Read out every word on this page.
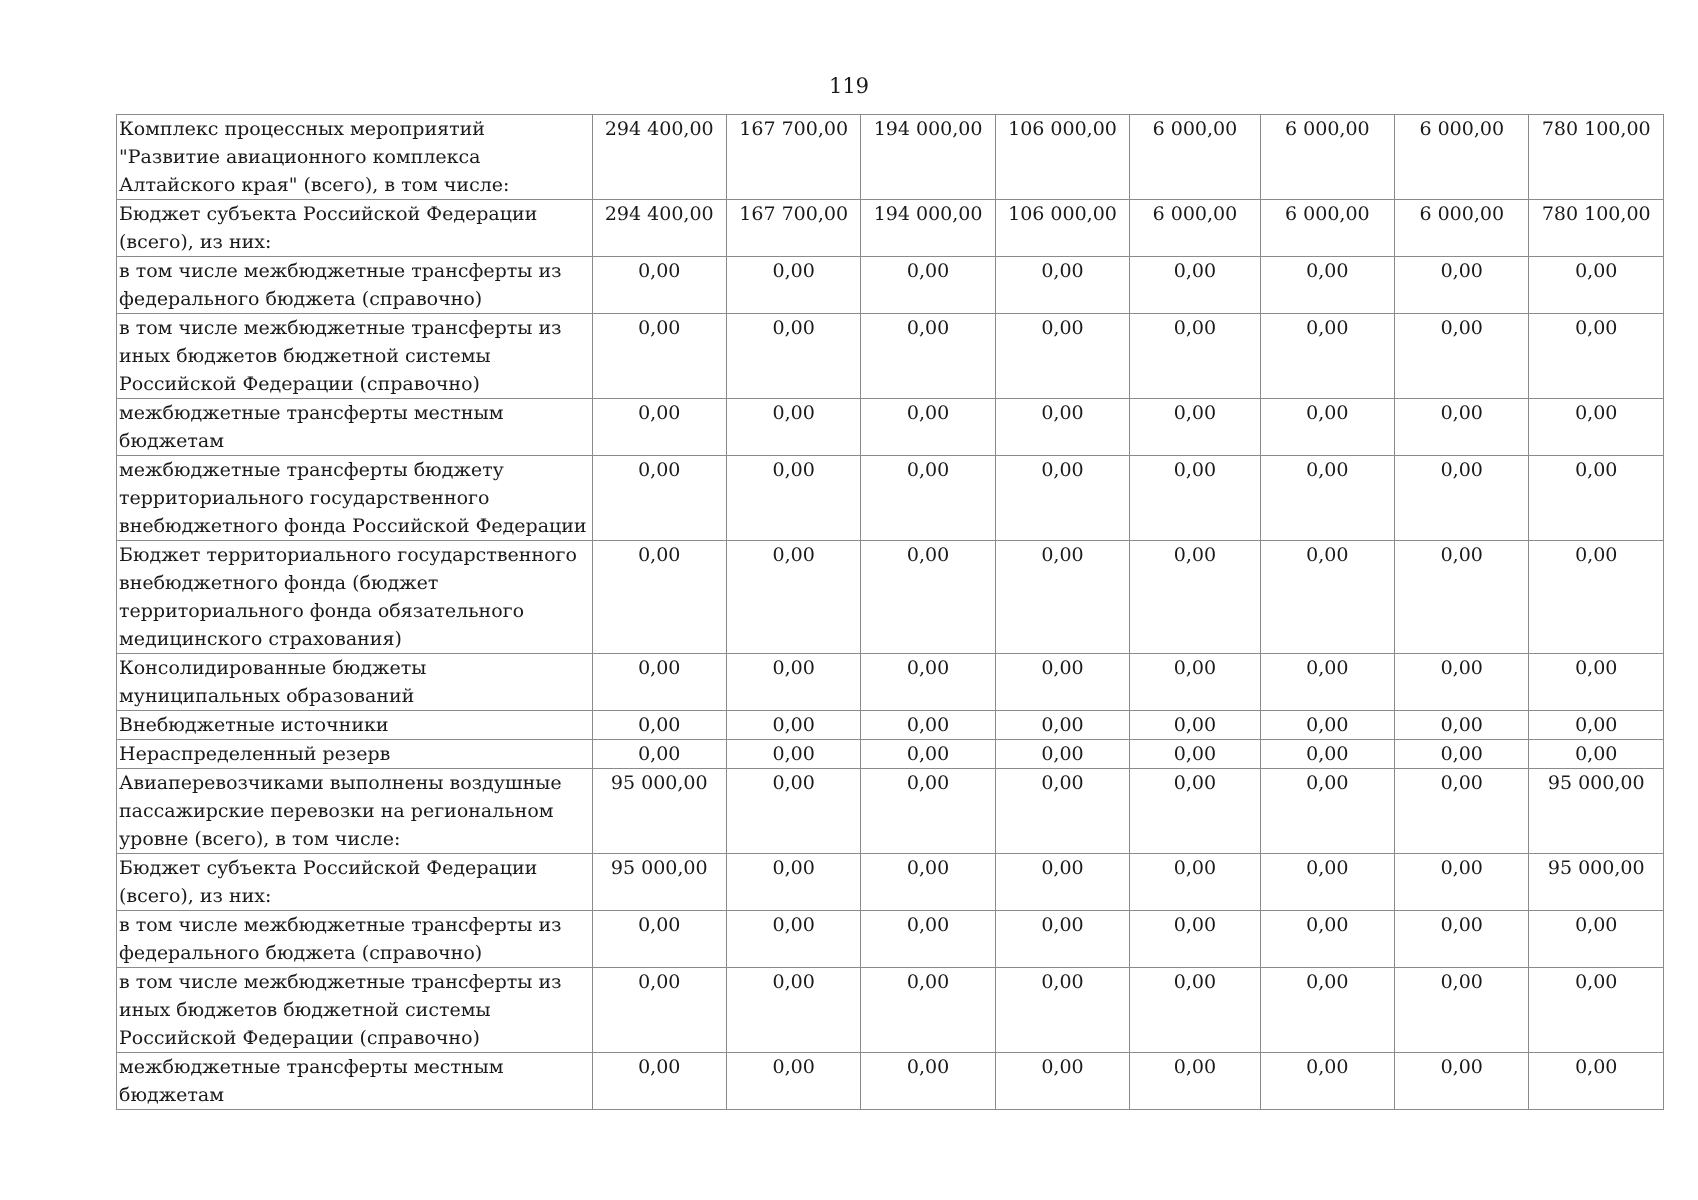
119
Комплекс процессных мероприятий "Развитие авиационного комплекса Алтайского края" (всего), в том числе:	294 400,00	167 700,00	194 000,00	106 000,00	6 000,00	6 000,00	6 000,00	780 100,00
Бюджет субъекта Российской Федерации (всего), из них:	294 400,00	167 700,00	194 000,00	106 000,00	6 000,00	6 000,00	6 000,00	780 100,00
в том числе межбюджетные трансферты из федерального бюджета (справочно)	0,00	0,00	0,00	0,00	0,00	0,00	0,00	0,00
в том числе межбюджетные трансферты из иных бюджетов бюджетной системы Российской Федерации (справочно)	0,00	0,00	0,00	0,00	0,00	0,00	0,00	0,00
межбюджетные трансферты местным бюджетам	0,00	0,00	0,00	0,00	0,00	0,00	0,00	0,00
межбюджетные трансферты бюджету территориального государственного внебюджетного фонда Российской Федерации	0,00	0,00	0,00	0,00	0,00	0,00	0,00	0,00
Бюджет территориального государственного внебюджетного фонда (бюджет территориального фонда обязательного медицинского страхования)	0,00	0,00	0,00	0,00	0,00	0,00	0,00	0,00
Консолидированные бюджеты муниципальных образований	0,00	0,00	0,00	0,00	0,00	0,00	0,00	0,00
Внебюджетные источники	0,00	0,00	0,00	0,00	0,00	0,00	0,00	0,00
Нераспределенный резерв	0,00	0,00	0,00	0,00	0,00	0,00	0,00	0,00
Авиаперевозчиками выполнены воздушные пассажирские перевозки на региональном уровне (всего), в том числе:	95 000,00	0,00	0,00	0,00	0,00	0,00	0,00	95 000,00
Бюджет субъекта Российской Федерации (всего), из них:	95 000,00	0,00	0,00	0,00	0,00	0,00	0,00	95 000,00
в том числе межбюджетные трансферты из федерального бюджета (справочно)	0,00	0,00	0,00	0,00	0,00	0,00	0,00	0,00
в том числе межбюджетные трансферты из иных бюджетов бюджетной системы Российской Федерации (справочно)	0,00	0,00	0,00	0,00	0,00	0,00	0,00	0,00
межбюджетные трансферты местным бюджетам	0,00	0,00	0,00	0,00	0,00	0,00	0,00	0,00
